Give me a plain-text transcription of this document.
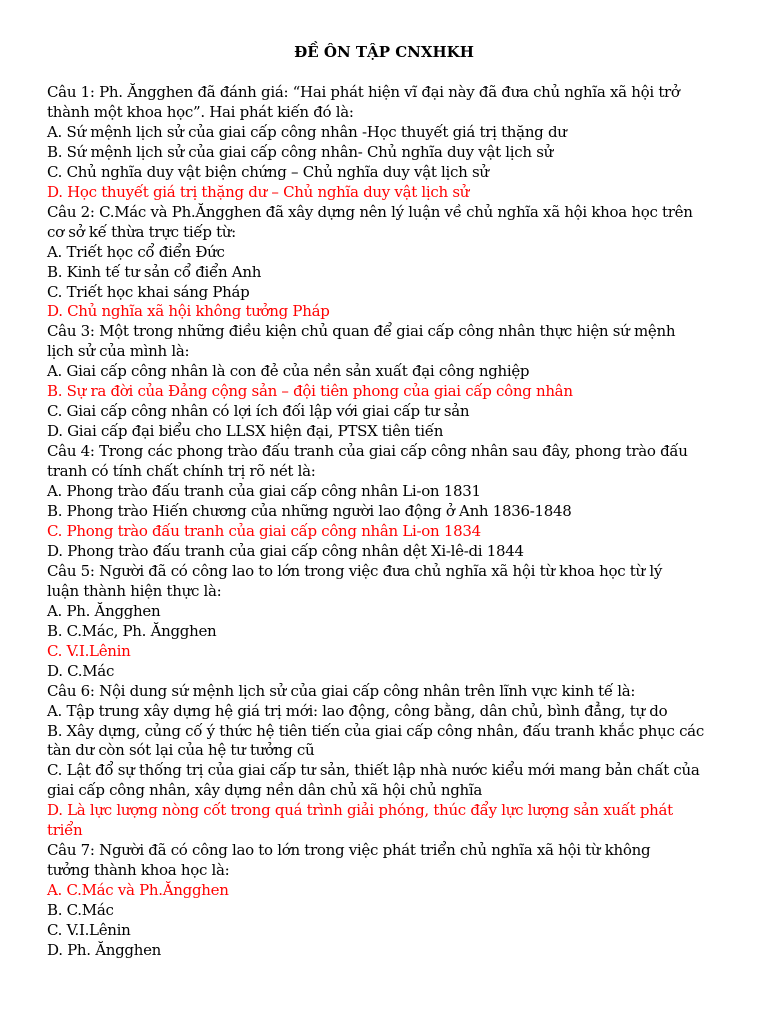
ĐỀ ÔN TẬP CNXHKH
Câu 1: Ph. Ăngghen đã đánh giá: “Hai phát hiện vĩ đại này đã đưa chủ nghĩa xã hội trở
thành một khoa học”. Hai phát kiến đó là:
A. Sứ mệnh lịch sử của giai cấp công nhân -Học thuyết giá trị thặng dư
B. Sứ mệnh lịch sử của giai cấp công nhân- Chủ nghĩa duy vật lịch sử
C. Chủ nghĩa duy vật biện chứng – Chủ nghĩa duy vật lịch sử
D. Học thuyết giá trị thặng dư – Chủ nghĩa duy vật lịch sử
Câu 2: C.Mác và Ph.Ăngghen đã xây dựng nên lý luận về chủ nghĩa xã hội khoa học trên
cơ sở kế thừa trực tiếp từ:
A. Triết học cổ điển Đức
B. Kinh tế tư sản cổ điển Anh
C. Triết học khai sáng Pháp
D. Chủ nghĩa xã hội không tưởng Pháp
Câu 3: Một trong những điều kiện chủ quan để giai cấp công nhân thực hiện sứ mệnh
lịch sử của mình là:
A. Giai cấp công nhân là con đẻ của nền sản xuất đại công nghiệp
B. Sự ra đời của Đảng cộng sản – đội tiên phong của giai cấp công nhân
C. Giai cấp công nhân có lợi ích đối lập với giai cấp tư sản
D. Giai cấp đại biểu cho LLSX hiện đại, PTSX tiên tiến
Câu 4: Trong các phong trào đấu tranh của giai cấp công nhân sau đây, phong trào đấu
tranh có tính chất chính trị rõ nét là:
A. Phong trào đấu tranh của giai cấp công nhân Li-on 1831
B. Phong trào Hiến chương của những người lao động ở Anh 1836-1848
C. Phong trào đấu tranh của giai cấp công nhân Li-on 1834
D. Phong trào đấu tranh của giai cấp công nhân dệt Xi-lê-di 1844
Câu 5: Người đã có công lao to lớn trong việc đưa chủ nghĩa xã hội từ khoa học từ lý
luận thành hiện thực là:
A. Ph. Ăngghen
B. C.Mác, Ph. Ăngghen
C. V.I.Lênin
D. C.Mác
Câu 6: Nội dung sứ mệnh lịch sử của giai cấp công nhân trên lĩnh vực kinh tế là:
A. Tập trung xây dựng hệ giá trị mới: lao động, công bằng, dân chủ, bình đẳng, tự do
B. Xây dựng, củng cố ý thức hệ tiên tiến của giai cấp công nhân, đấu tranh khắc phục các
tàn dư còn sót lại của hệ tư tưởng cũ
C. Lật đổ sự thống trị của giai cấp tư sản, thiết lập nhà nước kiểu mới mang bản chất của
giai cấp công nhân, xây dựng nền dân chủ xã hội chủ nghĩa
D. Là lực lượng nòng cốt trong quá trình giải phóng, thúc đẩy lực lượng sản xuất phát
triển
Câu 7: Người đã có công lao to lớn trong việc phát triển chủ nghĩa xã hội từ không
tưởng thành khoa học là:
A. C.Mác và Ph.Ăngghen
B. C.Mác
C. V.I.Lênin
D. Ph. Ăngghen
